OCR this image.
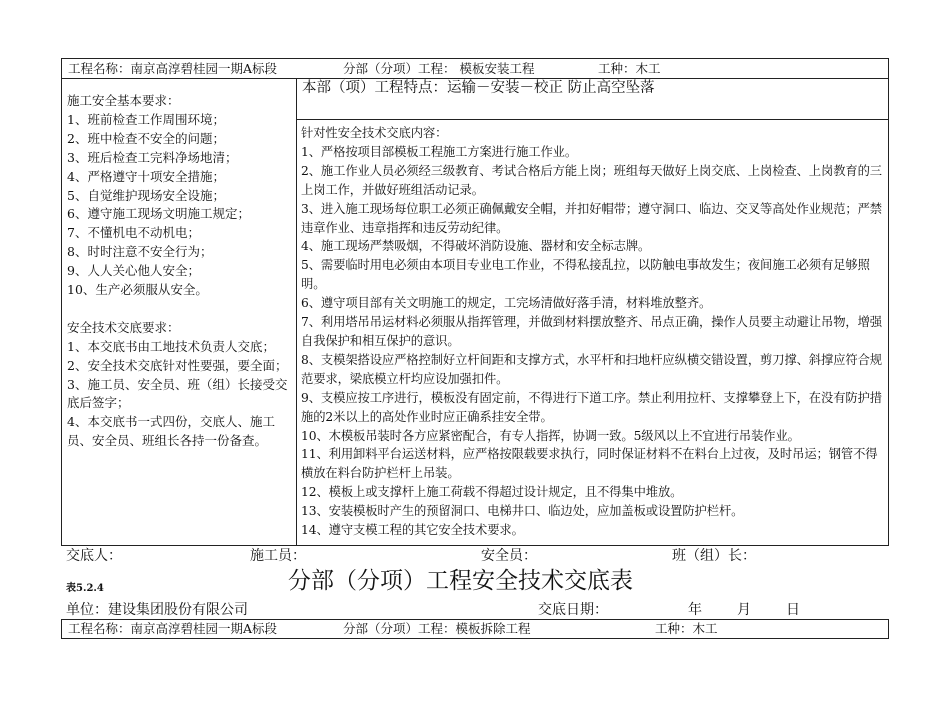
工程名称：南京高淳碧桂园一期A标段	分部（分项）工程： 模板安装工程	工种：木工
施工安全基本要求：
1、班前检查工作周围环境；
2、班中检查不安全的问题；
3、班后检查工完料净场地清；
4、严格遵守十项安全措施；
5、自觉维护现场安全设施；
6、遵守施工现场文明施工规定；
7、不懂机电不动机电；
8、时时注意不安全行为；
9、人人关心他人安全；
10、生产必须服从安全。
安全技术交底要求：
1、本交底书由工地技术负责人交底；
2、安全技术交底针对性要强，要全面；
3、施工员、安全员、班（组）长接受交底后签字；
4、本交底书一式四份，交底人、施工员、安全员、班组长各持一份备查。
本部（项）工程特点：运输－安装－校正 防止高空坠落
针对性安全技术交底内容：
1、严格按项目部模板工程施工方案进行施工作业。
2、施工作业人员必须经三级教育、考试合格后方能上岗；班组每天做好上岗交底、上岗检查、上岗教育的三上岗工作，并做好班组活动记录。
3、进入施工现场每位职工必须正确佩戴安全帽，并扣好帽带；遵守洞口、临边、交叉等高处作业规范；严禁违章作业、违章指挥和违反劳动纪律。
4、施工现场严禁吸烟，不得破坏消防设施、器材和安全标志牌。
5、需要临时用电必须由本项目专业电工作业，不得私接乱拉，以防触电事故发生；夜间施工必须有足够照明。
6、遵守项目部有关文明施工的规定，工完场清做好落手清，材料堆放整齐。
7、利用塔吊吊运材料必须服从指挥管理，并做到材料摆放整齐、吊点正确，操作人员要主动避让吊物，增强自我保护和相互保护的意识。
8、支模架搭设应严格控制好立杆间距和支撑方式，水平杆和扫地杆应纵横交错设置，剪刀撑、斜撑应符合规范要求，梁底模立杆均应设加强扣件。
9、支模应按工序进行，模板没有固定前，不得进行下道工序。禁止利用拉杆、支撑攀登上下，在没有防护措施的2米以上的高处作业时应正确系挂安全带。
10、木模板吊装时各方应紧密配合，有专人指挥，协调一致。5级风以上不宜进行吊装作业。
11、利用卸料平台运送材料，应严格按限载要求执行，同时保证材料不在料台上过夜，及时吊运；钢管不得横放在料台防护栏杆上吊装。
12、模板上或支撑杆上施工荷载不得超过设计规定，且不得集中堆放。
13、安装模板时产生的预留洞口、电梯井口、临边处，应加盖板或设置防护栏杆。
14、遵守支模工程的其它安全技术要求。
交底人：	施工员：	安全员：	班（组）长：
表5.2.4	分部（分项）工程安全技术交底表
单位：建设集团股份有限公司	交底日期：	年	月	日
工程名称：南京高淳碧桂园一期A标段	分部（分项）工程：模板拆除工程	工种：木工
